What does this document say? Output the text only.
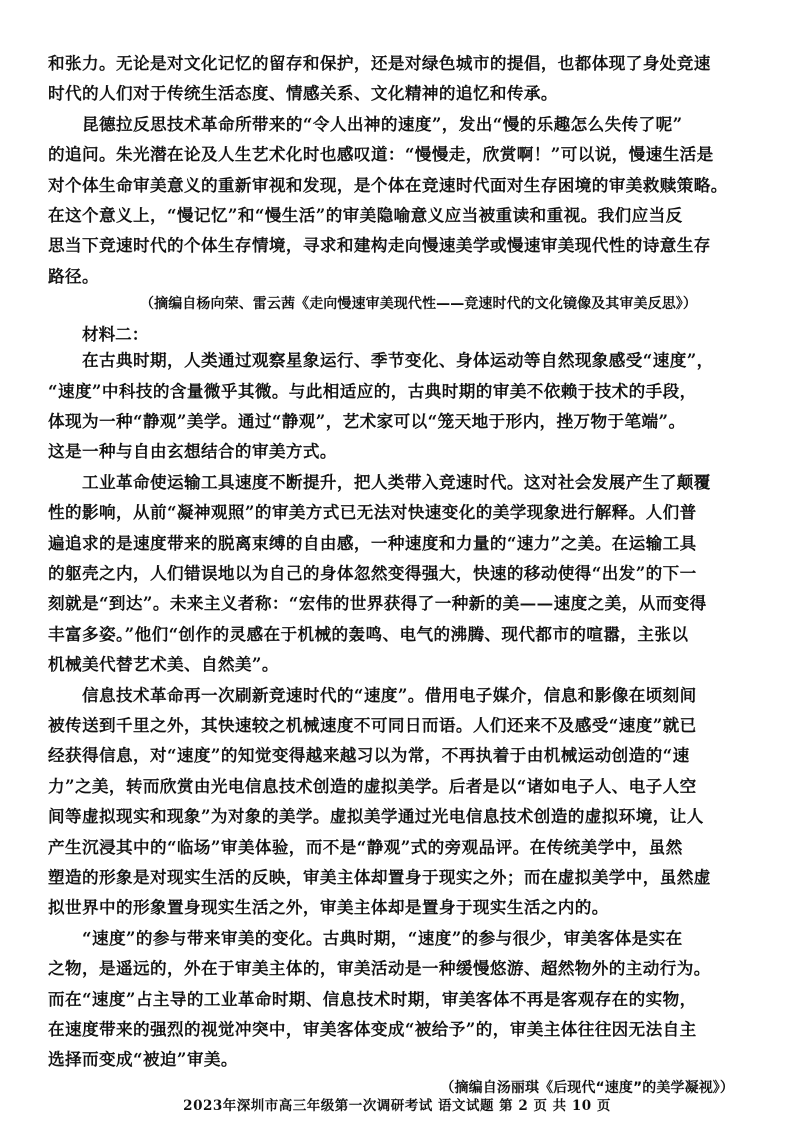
和张力。无论是对文化记忆的留存和保护，还是对绿色城市的提倡，也都体现了身处竞速
时代的人们对于传统生活态度、情感关系、文化精神的追忆和传承。
昆德拉反思技术革命所带来的“令人出神的速度”，发出“慢的乐趣怎么失传了呢”
的追问。朱光潜在论及人生艺术化时也感叹道：“慢慢走，欣赏啊！”可以说，慢速生活是
对个体生命审美意义的重新审视和发现，是个体在竞速时代面对生存困境的审美救赎策略。
在这个意义上，“慢记忆”和“慢生活”的审美隐喻意义应当被重读和重视。我们应当反
思当下竞速时代的个体生存情境，寻求和建构走向慢速美学或慢速审美现代性的诗意生存
路径。
（摘编自杨向荣、雷云茜《走向慢速审美现代性——竞速时代的文化镜像及其审美反思》）
材料二：
在古典时期，人类通过观察星象运行、季节变化、身体运动等自然现象感受“速度”，
“速度”中科技的含量微乎其微。与此相适应的，古典时期的审美不依赖于技术的手段，
体现为一种“静观”美学。通过“静观”，艺术家可以“笼天地于形内，挫万物于笔端”。
这是一种与自由玄想结合的审美方式。
工业革命使运输工具速度不断提升，把人类带入竞速时代。这对社会发展产生了颠覆
性的影响，从前“凝神观照”的审美方式已无法对快速变化的美学现象进行解释。人们普
遍追求的是速度带来的脱离束缚的自由感，一种速度和力量的“速力”之美。在运输工具
的躯壳之内，人们错误地以为自己的身体忽然变得强大，快速的移动使得“出发”的下一
刻就是“到达”。未来主义者称：“宏伟的世界获得了一种新的美——速度之美，从而变得
丰富多姿。”他们“创作的灵感在于机械的轰鸣、电气的沸腾、现代都市的喧嚣，主张以
机械美代替艺术美、自然美”。
信息技术革命再一次刷新竞速时代的“速度”。借用电子媒介，信息和影像在顷刻间
被传送到千里之外，其快速较之机械速度不可同日而语。人们还来不及感受“速度”就已
经获得信息，对“速度”的知觉变得越来越习以为常，不再执着于由机械运动创造的“速
力”之美，转而欣赏由光电信息技术创造的虚拟美学。后者是以“诸如电子人、电子人空
间等虚拟现实和现象”为对象的美学。虚拟美学通过光电信息技术创造的虚拟环境，让人
产生沉浸其中的“临场”审美体验，而不是“静观”式的旁观品评。在传统美学中，虽然
塑造的形象是对现实生活的反映，审美主体却置身于现实之外；而在虚拟美学中，虽然虚
拟世界中的形象置身现实生活之外，审美主体却是置身于现实生活之内的。
“速度”的参与带来审美的变化。古典时期，“速度”的参与很少，审美客体是实在
之物，是遥远的，外在于审美主体的，审美活动是一种缓慢悠游、超然物外的主动行为。
而在“速度”占主导的工业革命时期、信息技术时期，审美客体不再是客观存在的实物，
在速度带来的强烈的视觉冲突中，审美客体变成“被给予”的，审美主体往往因无法自主
选择而变成“被迫”审美。
（摘编自汤丽琪《后现代“速度”的美学凝视》）
2023年深圳市高三年级第一次调研考试 语文试题 第 2 页 共 10 页
